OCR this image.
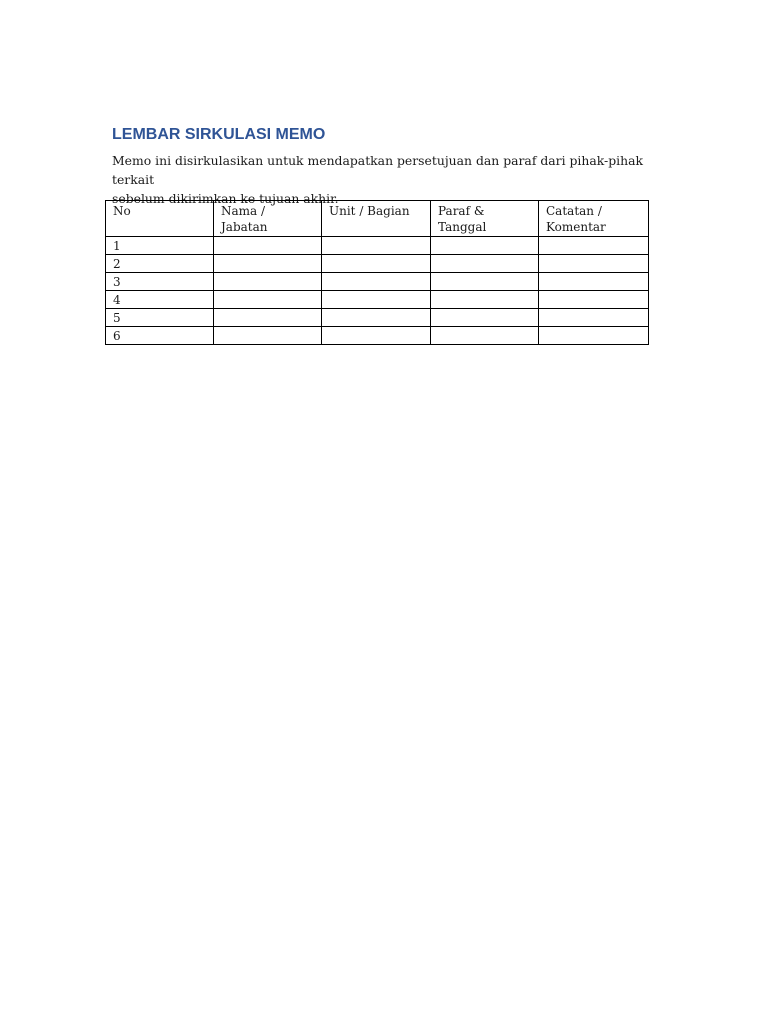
LEMBAR SIRKULASI MEMO

Memo ini disirkulasikan untuk mendapatkan persetujuan dan paraf dari pihak-pihak terkait
sebelum dikirimkan ke tujuan akhir.

No	Nama / Jabatan	Unit / Bagian	Paraf & Tanggal	Catatan / Komentar
1				
2				
3				
4				
5				
6				
